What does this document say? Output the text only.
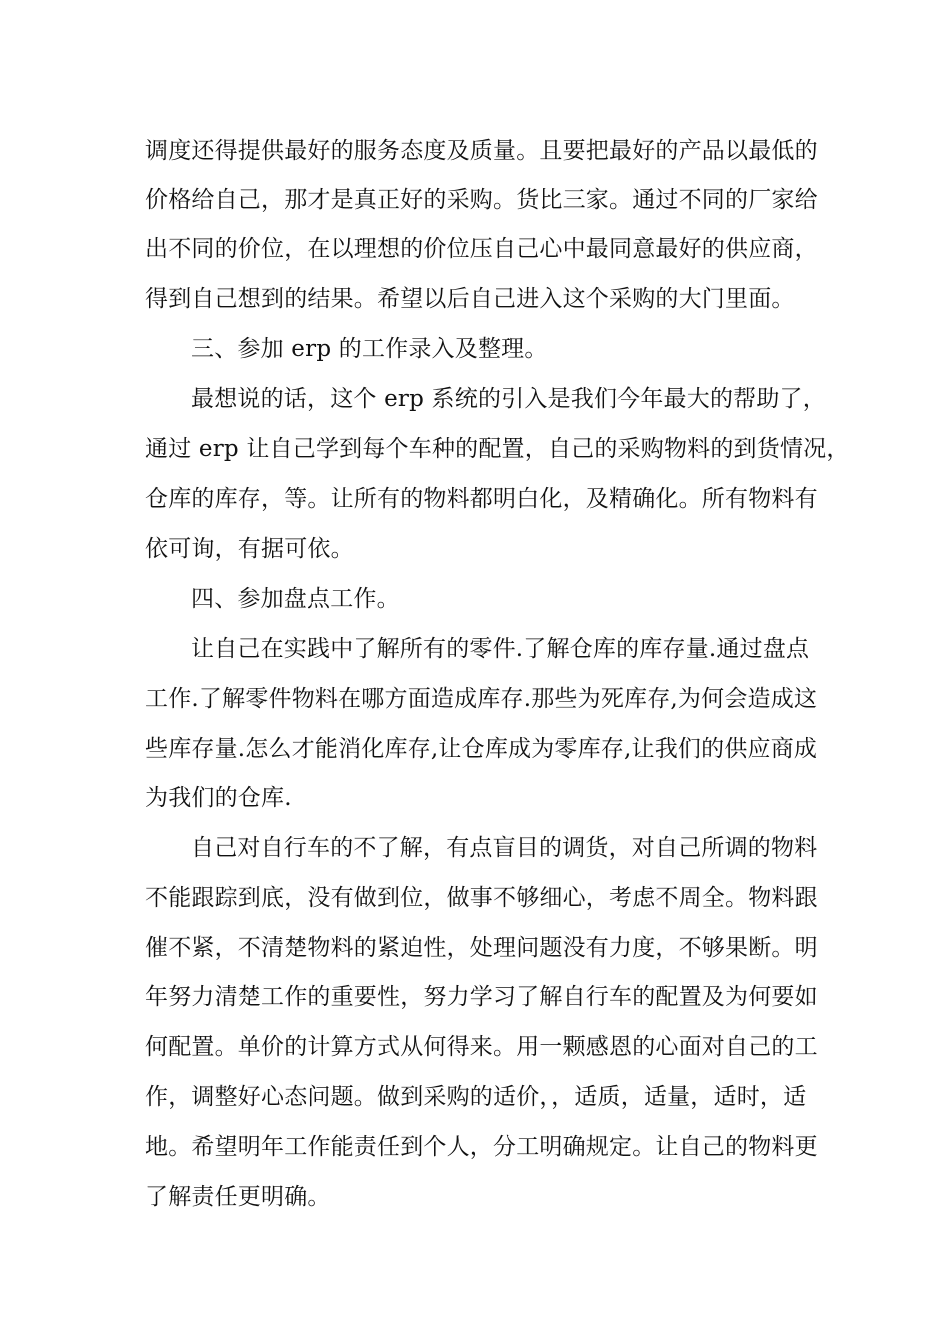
调度还得提供最好的服务态度及质量。且要把最好的产品以最低的
价格给自己，那才是真正好的采购。货比三家。通过不同的厂家给
出不同的价位，在以理想的价位压自己心中最同意最好的供应商，
得到自己想到的结果。希望以后自己进入这个采购的大门里面。
三、参加 erp 的工作录入及整理。
最想说的话，这个 erp 系统的引入是我们今年最大的帮助了，
通过 erp 让自己学到每个车种的配置，自己的采购物料的到货情况，
仓库的库存，等。让所有的物料都明白化，及精确化。所有物料有
依可询，有据可依。
四、参加盘点工作。
让自己在实践中了解所有的零件.了解仓库的库存量.通过盘点
工作.了解零件物料在哪方面造成库存.那些为死库存,为何会造成这
些库存量.怎么才能消化库存,让仓库成为零库存,让我们的供应商成
为我们的仓库.
自己对自行车的不了解，有点盲目的调货，对自己所调的物料
不能跟踪到底，没有做到位，做事不够细心，考虑不周全。物料跟
催不紧，不清楚物料的紧迫性，处理问题没有力度，不够果断。明
年努力清楚工作的重要性，努力学习了解自行车的配置及为何要如
何配置。单价的计算方式从何得来。用一颗感恩的心面对自己的工
作，调整好心态问题。做到采购的适价，，适质，适量，适时，适
地。希望明年工作能责任到个人，分工明确规定。让自己的物料更
了解责任更明确。
